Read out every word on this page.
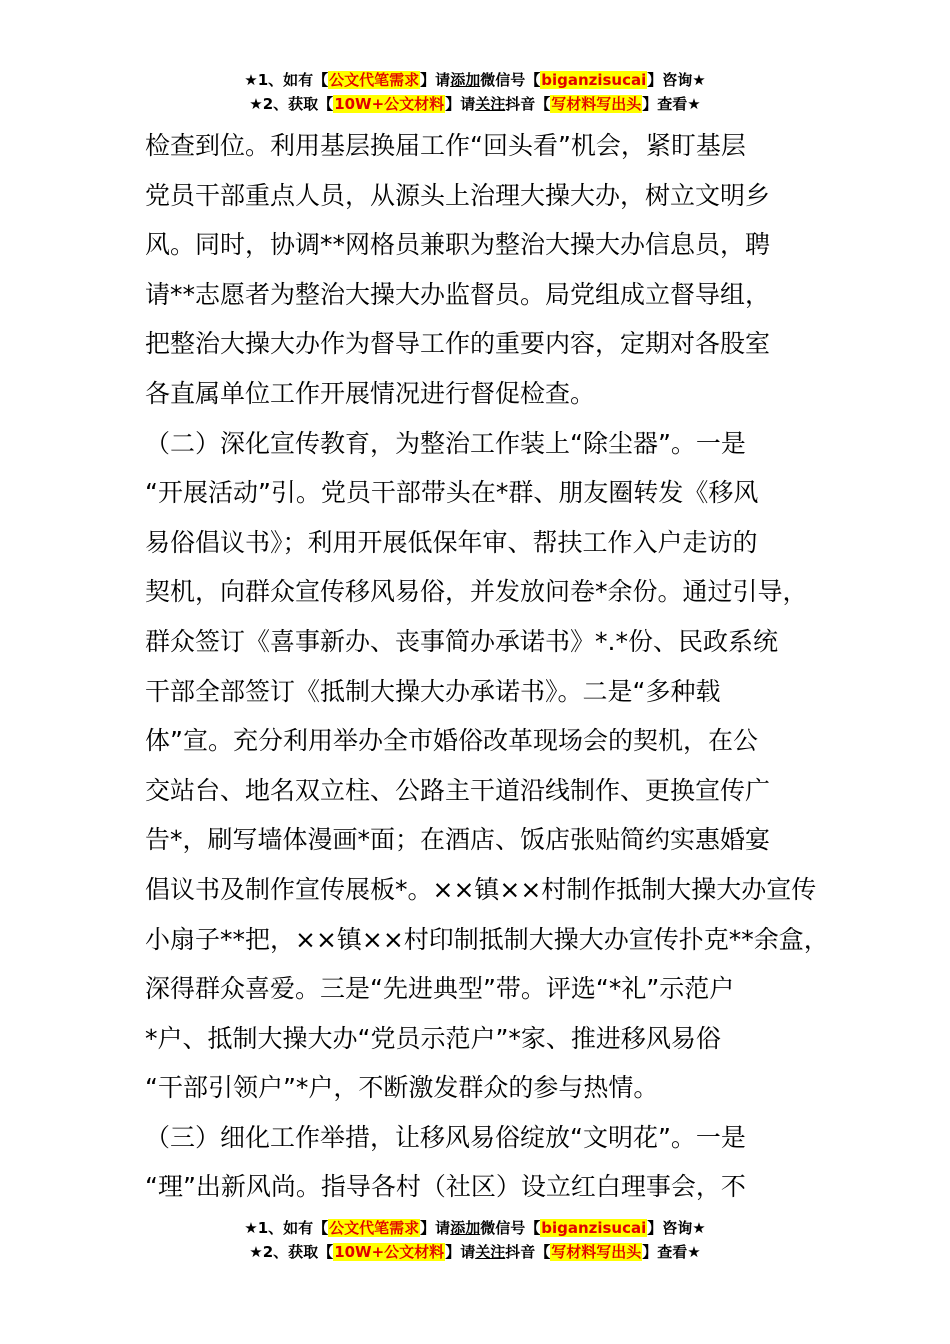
★1、如有【公文代笔需求】请添加微信号【biganzisucai】咨询★
★2、获取【10W+公文材料】请关注抖音【写材料写出头】查看★
检查到位。利用基层换届工作“回头看”机会，紧盯基层
党员干部重点人员，从源头上治理大操大办，树立文明乡
风。同时，协调**网格员兼职为整治大操大办信息员，聘
请**志愿者为整治大操大办监督员。局党组成立督导组，
把整治大操大办作为督导工作的重要内容，定期对各股室
各直属单位工作开展情况进行督促检查。
（二）深化宣传教育，为整治工作装上“除尘器”。一是
“开展活动”引。党员干部带头在*群、朋友圈转发《移风
易俗倡议书》；利用开展低保年审、帮扶工作入户走访的
契机，向群众宣传移风易俗，并发放问卷*余份。通过引导，
群众签订《喜事新办、丧事简办承诺书》*.*份、民政系统
干部全部签订《抵制大操大办承诺书》。二是“多种载
体”宣。充分利用举办全市婚俗改革现场会的契机，在公
交站台、地名双立柱、公路主干道沿线制作、更换宣传广
告*，刷写墙体漫画*面；在酒店、饭店张贴简约实惠婚宴
倡议书及制作宣传展板*。××镇××村制作抵制大操大办宣传
小扇子**把，××镇××村印制抵制大操大办宣传扑克**余盒，
深得群众喜爱。三是“先进典型”带。评选“*礼”示范户
*户、抵制大操大办“党员示范户”*家、推进移风易俗
“干部引领户”*户，不断激发群众的参与热情。
（三）细化工作举措，让移风易俗绽放“文明花”。一是
“理”出新风尚。指导各村（社区）设立红白理事会，不
★1、如有【公文代笔需求】请添加微信号【biganzisucai】咨询★
★2、获取【10W+公文材料】请关注抖音【写材料写出头】查看★
